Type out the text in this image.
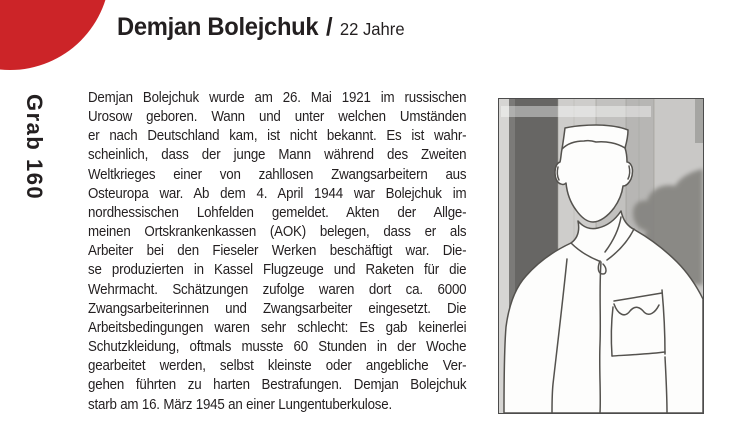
Demjan Bolejchuk / 22 Jahre
Grab 160	Demjan Bolejchuk wurde am 26. Mai 1921 im russischen
Urosow geboren. Wann und unter welchen Umständen
er nach Deutschland kam, ist nicht bekannt. Es ist wahr-
scheinlich, dass der junge Mann während des Zweiten
Weltkrieges einer von zahllosen Zwangsarbeitern aus
Osteuropa war. Ab dem 4. April 1944 war Bolejchuk im
nordhessischen Lohfelden gemeldet. Akten der Allge-
meinen Ortskrankenkassen (AOK) belegen, dass er als
Arbeiter bei den Fieseler Werken beschäftigt war. Die-
se produzierten in Kassel Flugzeuge und Raketen für die
Wehrmacht. Schätzungen zufolge waren dort ca. 6000
Zwangsarbeiterinnen und Zwangsarbeiter eingesetzt. Die
Arbeitsbedingungen waren sehr schlecht: Es gab keinerlei
Schutzkleidung, oftmals musste 60 Stunden in der Woche
gearbeitet werden, selbst kleinste oder angebliche Ver-
gehen führten zu harten Bestrafungen. Demjan Bolejchuk
starb am 16. März 1945 an einer Lungentuberkulose.
